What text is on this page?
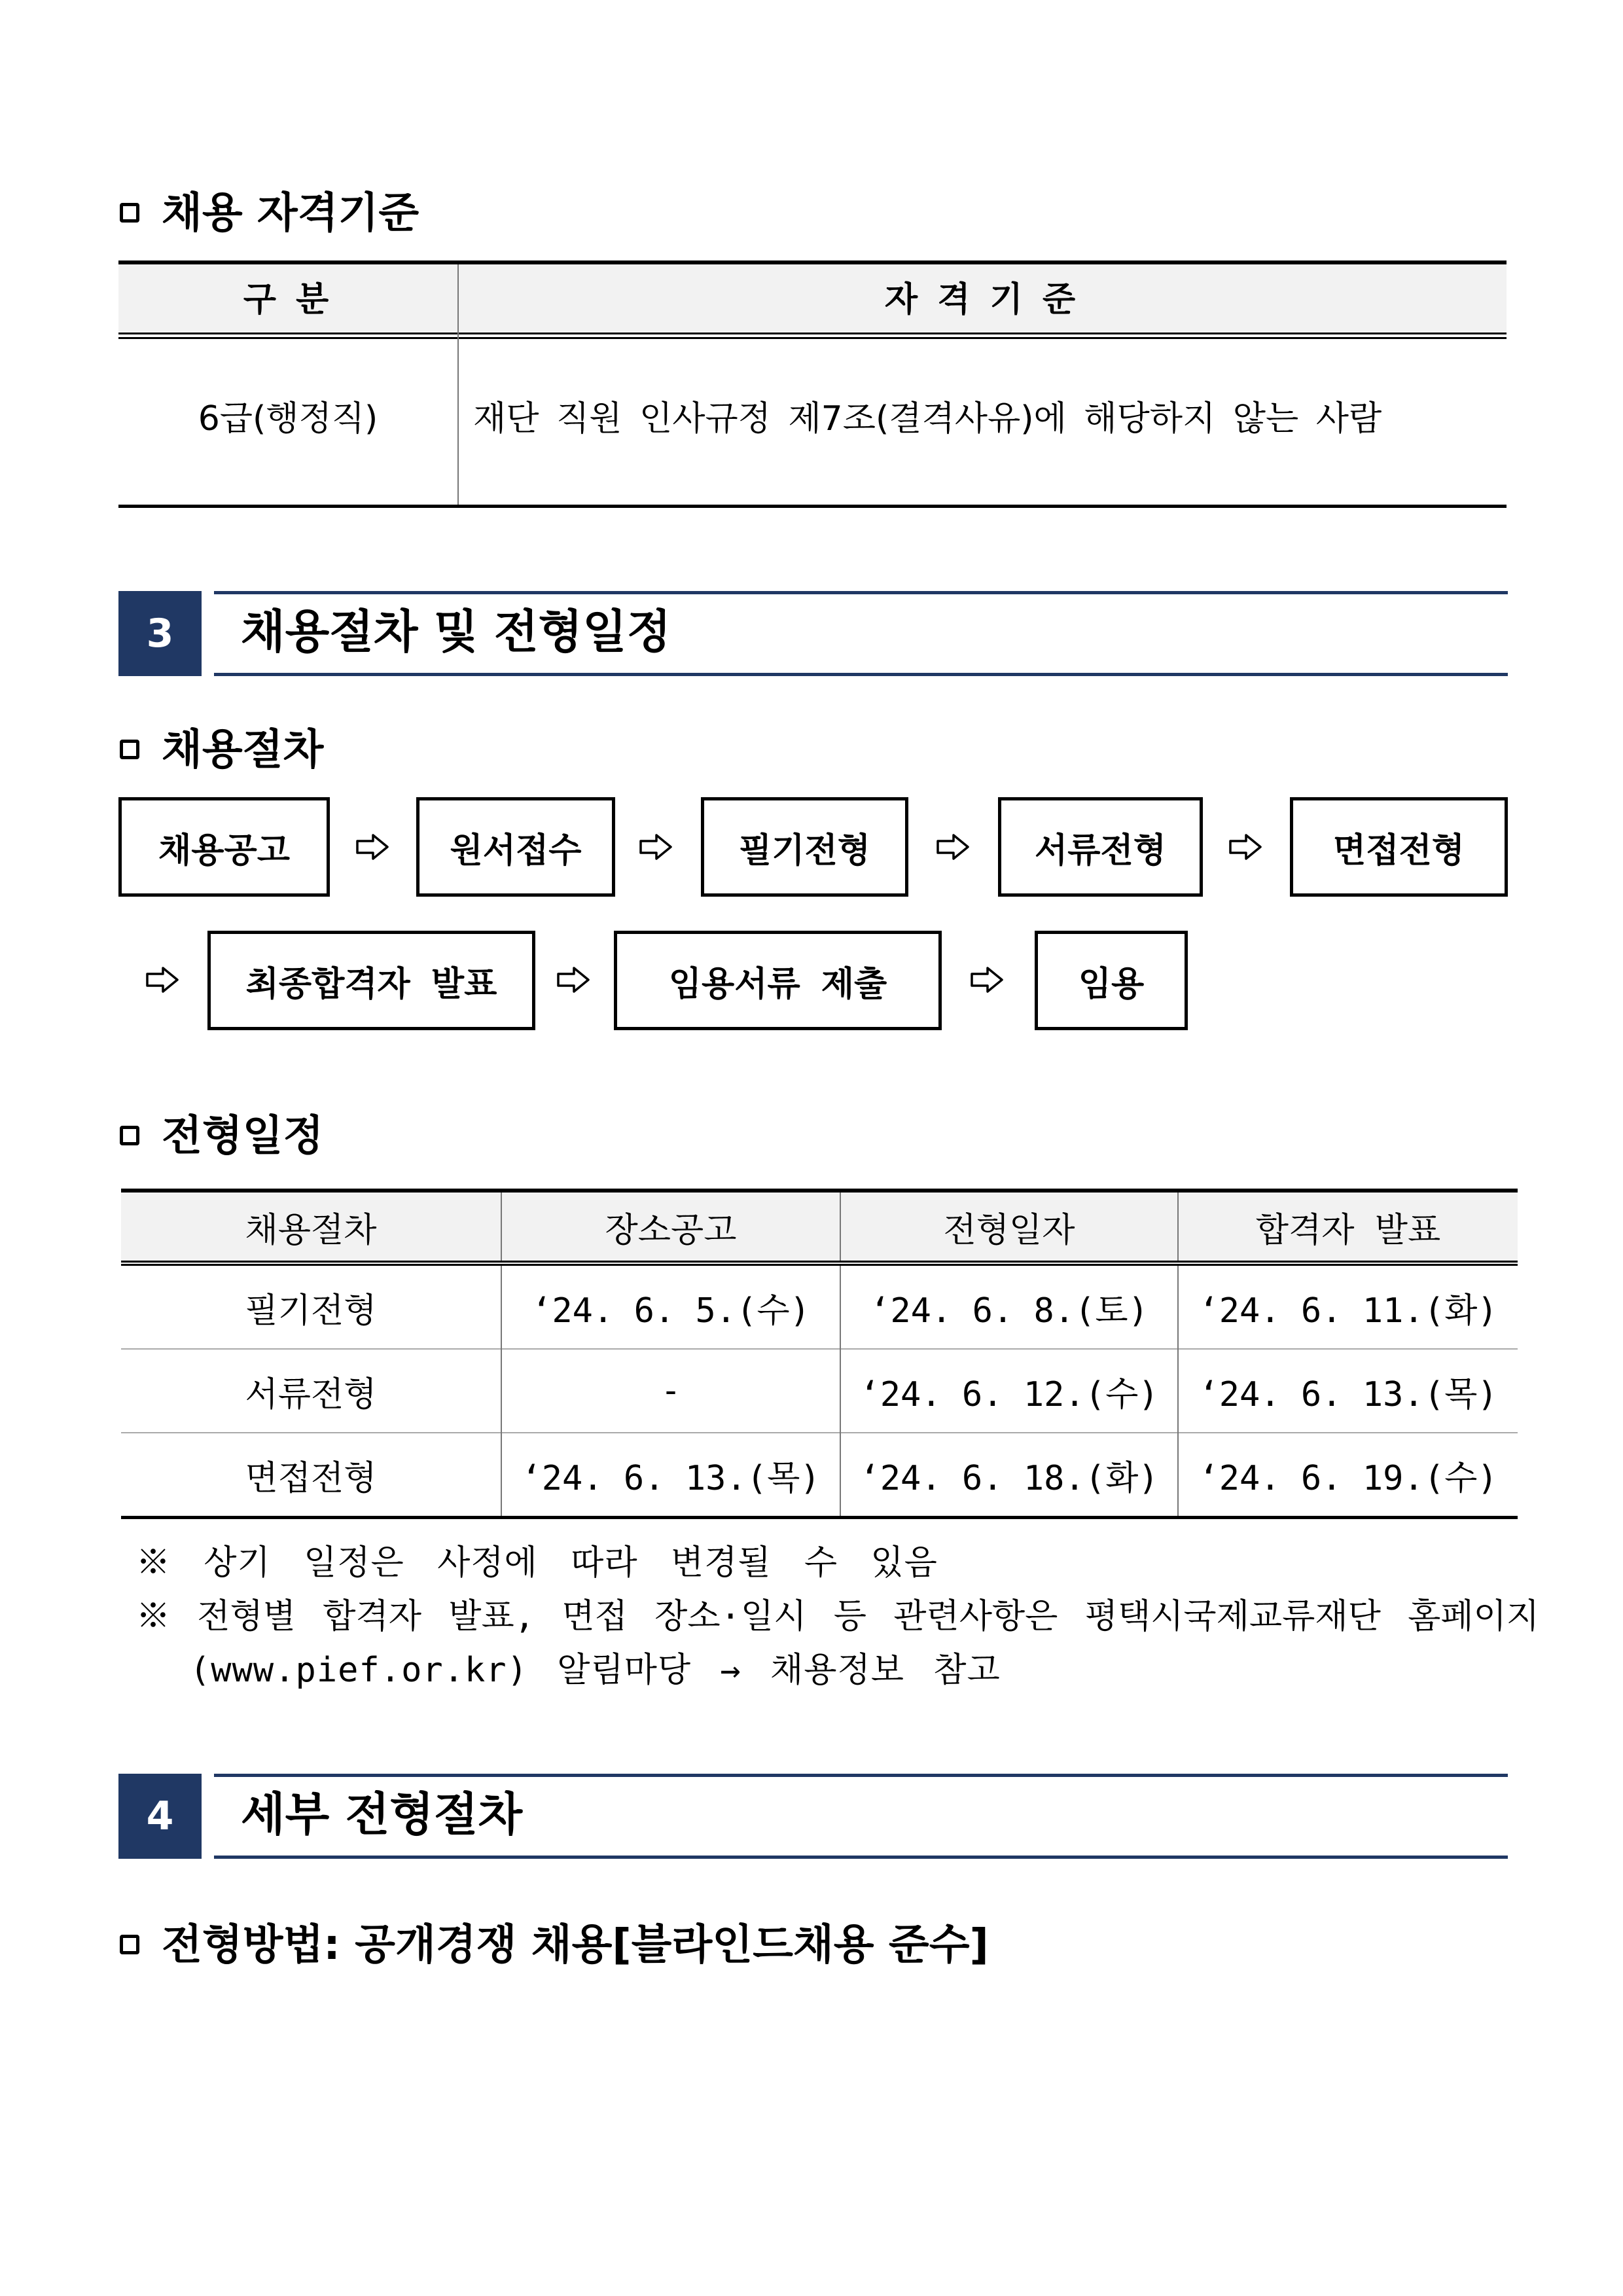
채용 자격기준
구 분	자 격 기 준
6급(행정직)	재단 직원 인사규정 제7조(결격사유)에 해당하지 않는 사람
3	채용절차 및 전형일정
채용절차
채용공고	원서접수	필기전형	서류전형	면접전형
최종합격자 발표	임용서류 제출	임용
전형일정
채용절차	장소공고	전형일자	합격자 발표
필기전형	‘24. 6. 5.(수)	‘24. 6. 8.(토)	‘24. 6. 11.(화)
서류전형	-	‘24. 6. 12.(수)	‘24. 6. 13.(목)
면접전형	‘24. 6. 13.(목)	‘24. 6. 18.(화)	‘24. 6. 19.(수)
※ 상기 일정은 사정에 따라 변경될 수 있음
※ 전형별 합격자 발표, 면접 장소·일시 등 관련사항은 평택시국제교류재단 홈페이지
(www.pief.or.kr) 알림마당 → 채용정보 참고
4	세부 전형절차
전형방법: 공개경쟁 채용[블라인드채용 준수]
